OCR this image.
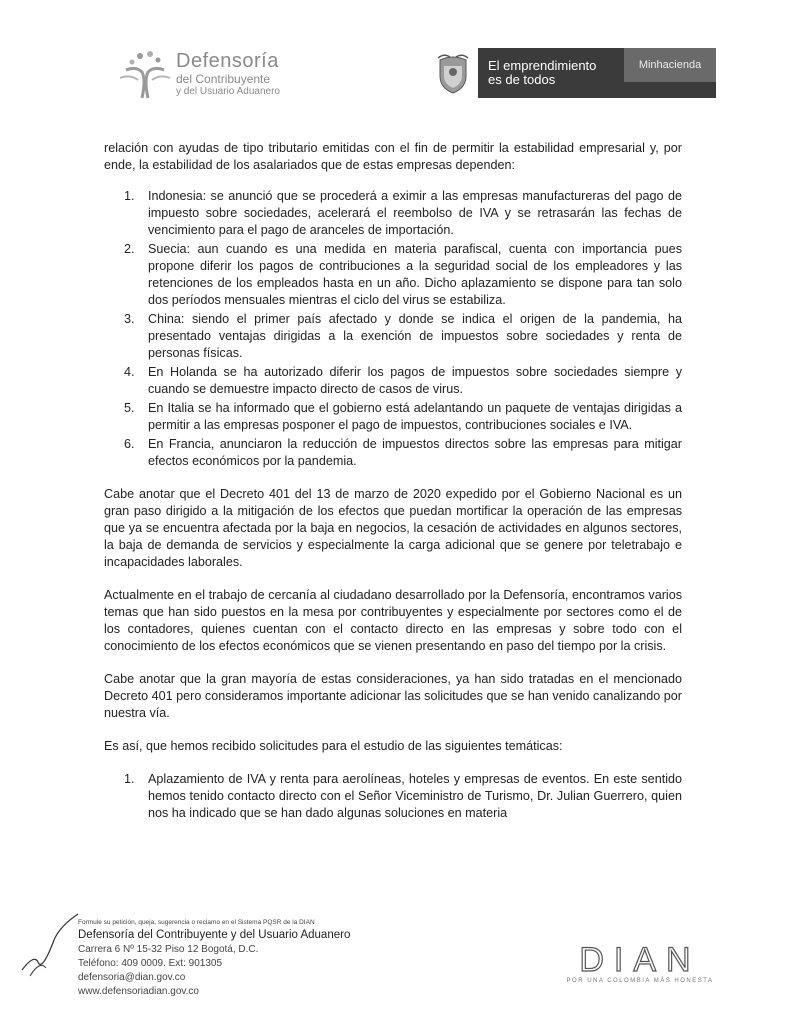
Defensoría
del Contribuyente
y del Usuario Aduanero
El emprendimiento
es de todos
Minhacienda

relación con ayudas de tipo tributario emitidas con el fin de permitir la estabilidad empresarial y, por ende, la estabilidad de los asalariados que de estas empresas dependen:

1. Indonesia: se anunció que se procederá a eximir a las empresas manufactureras del pago de impuesto sobre sociedades, acelerará el reembolso de IVA y se retrasarán las fechas de vencimiento para el pago de aranceles de importación.
2. Suecia: aun cuando es una medida en materia parafiscal, cuenta con importancia pues propone diferir los pagos de contribuciones a la seguridad social de los empleadores y las retenciones de los empleados hasta en un año. Dicho aplazamiento se dispone para tan solo dos períodos mensuales mientras el ciclo del virus se estabiliza.
3. China: siendo el primer país afectado y donde se indica el origen de la pandemia, ha presentado ventajas dirigidas a la exención de impuestos sobre sociedades y renta de personas físicas.
4. En Holanda se ha autorizado diferir los pagos de impuestos sobre sociedades siempre y cuando se demuestre impacto directo de casos de virus.
5. En Italia se ha informado que el gobierno está adelantando un paquete de ventajas dirigidas a permitir a las empresas posponer el pago de impuestos, contribuciones sociales e IVA.
6. En Francia, anunciaron la reducción de impuestos directos sobre las empresas para mitigar efectos económicos por la pandemia.

Cabe anotar que el Decreto 401 del 13 de marzo de 2020 expedido por el Gobierno Nacional es un gran paso dirigido a la mitigación de los efectos que puedan mortificar la operación de las empresas que ya se encuentra afectada por la baja en negocios, la cesación de actividades en algunos sectores, la baja de demanda de servicios y especialmente la carga adicional que se genere por teletrabajo e incapacidades laborales.

Actualmente en el trabajo de cercanía al ciudadano desarrollado por la Defensoría, encontramos varios temas que han sido puestos en la mesa por contribuyentes y especialmente por sectores como el de los contadores, quienes cuentan con el contacto directo en las empresas y sobre todo con el conocimiento de los efectos económicos que se vienen presentando en paso del tiempo por la crisis.

Cabe anotar que la gran mayoría de estas consideraciones, ya han sido tratadas en el mencionado Decreto 401 pero consideramos importante adicionar las solicitudes que se han venido canalizando por nuestra vía.

Es así, que hemos recibido solicitudes para el estudio de las siguientes temáticas:

1. Aplazamiento de IVA y renta para aerolíneas, hoteles y empresas de eventos. En este sentido hemos tenido contacto directo con el Señor Viceministro de Turismo, Dr. Julian Guerrero, quien nos ha indicado que se han dado algunas soluciones en materia
Formule su petición, queja, sugerencia o reclamo en el Sistema PQSR de la DIAN
Defensoría del Contribuyente y del Usuario Aduanero
Carrera 6 Nº 15-32 Piso 12 Bogotá, D.C.
Teléfono: 409 0009. Ext: 901305
defensoria@dian.gov.co
www.defensoriadian.gov.co
DIAN
POR UNA COLOMBIA MÁS HONESTA
